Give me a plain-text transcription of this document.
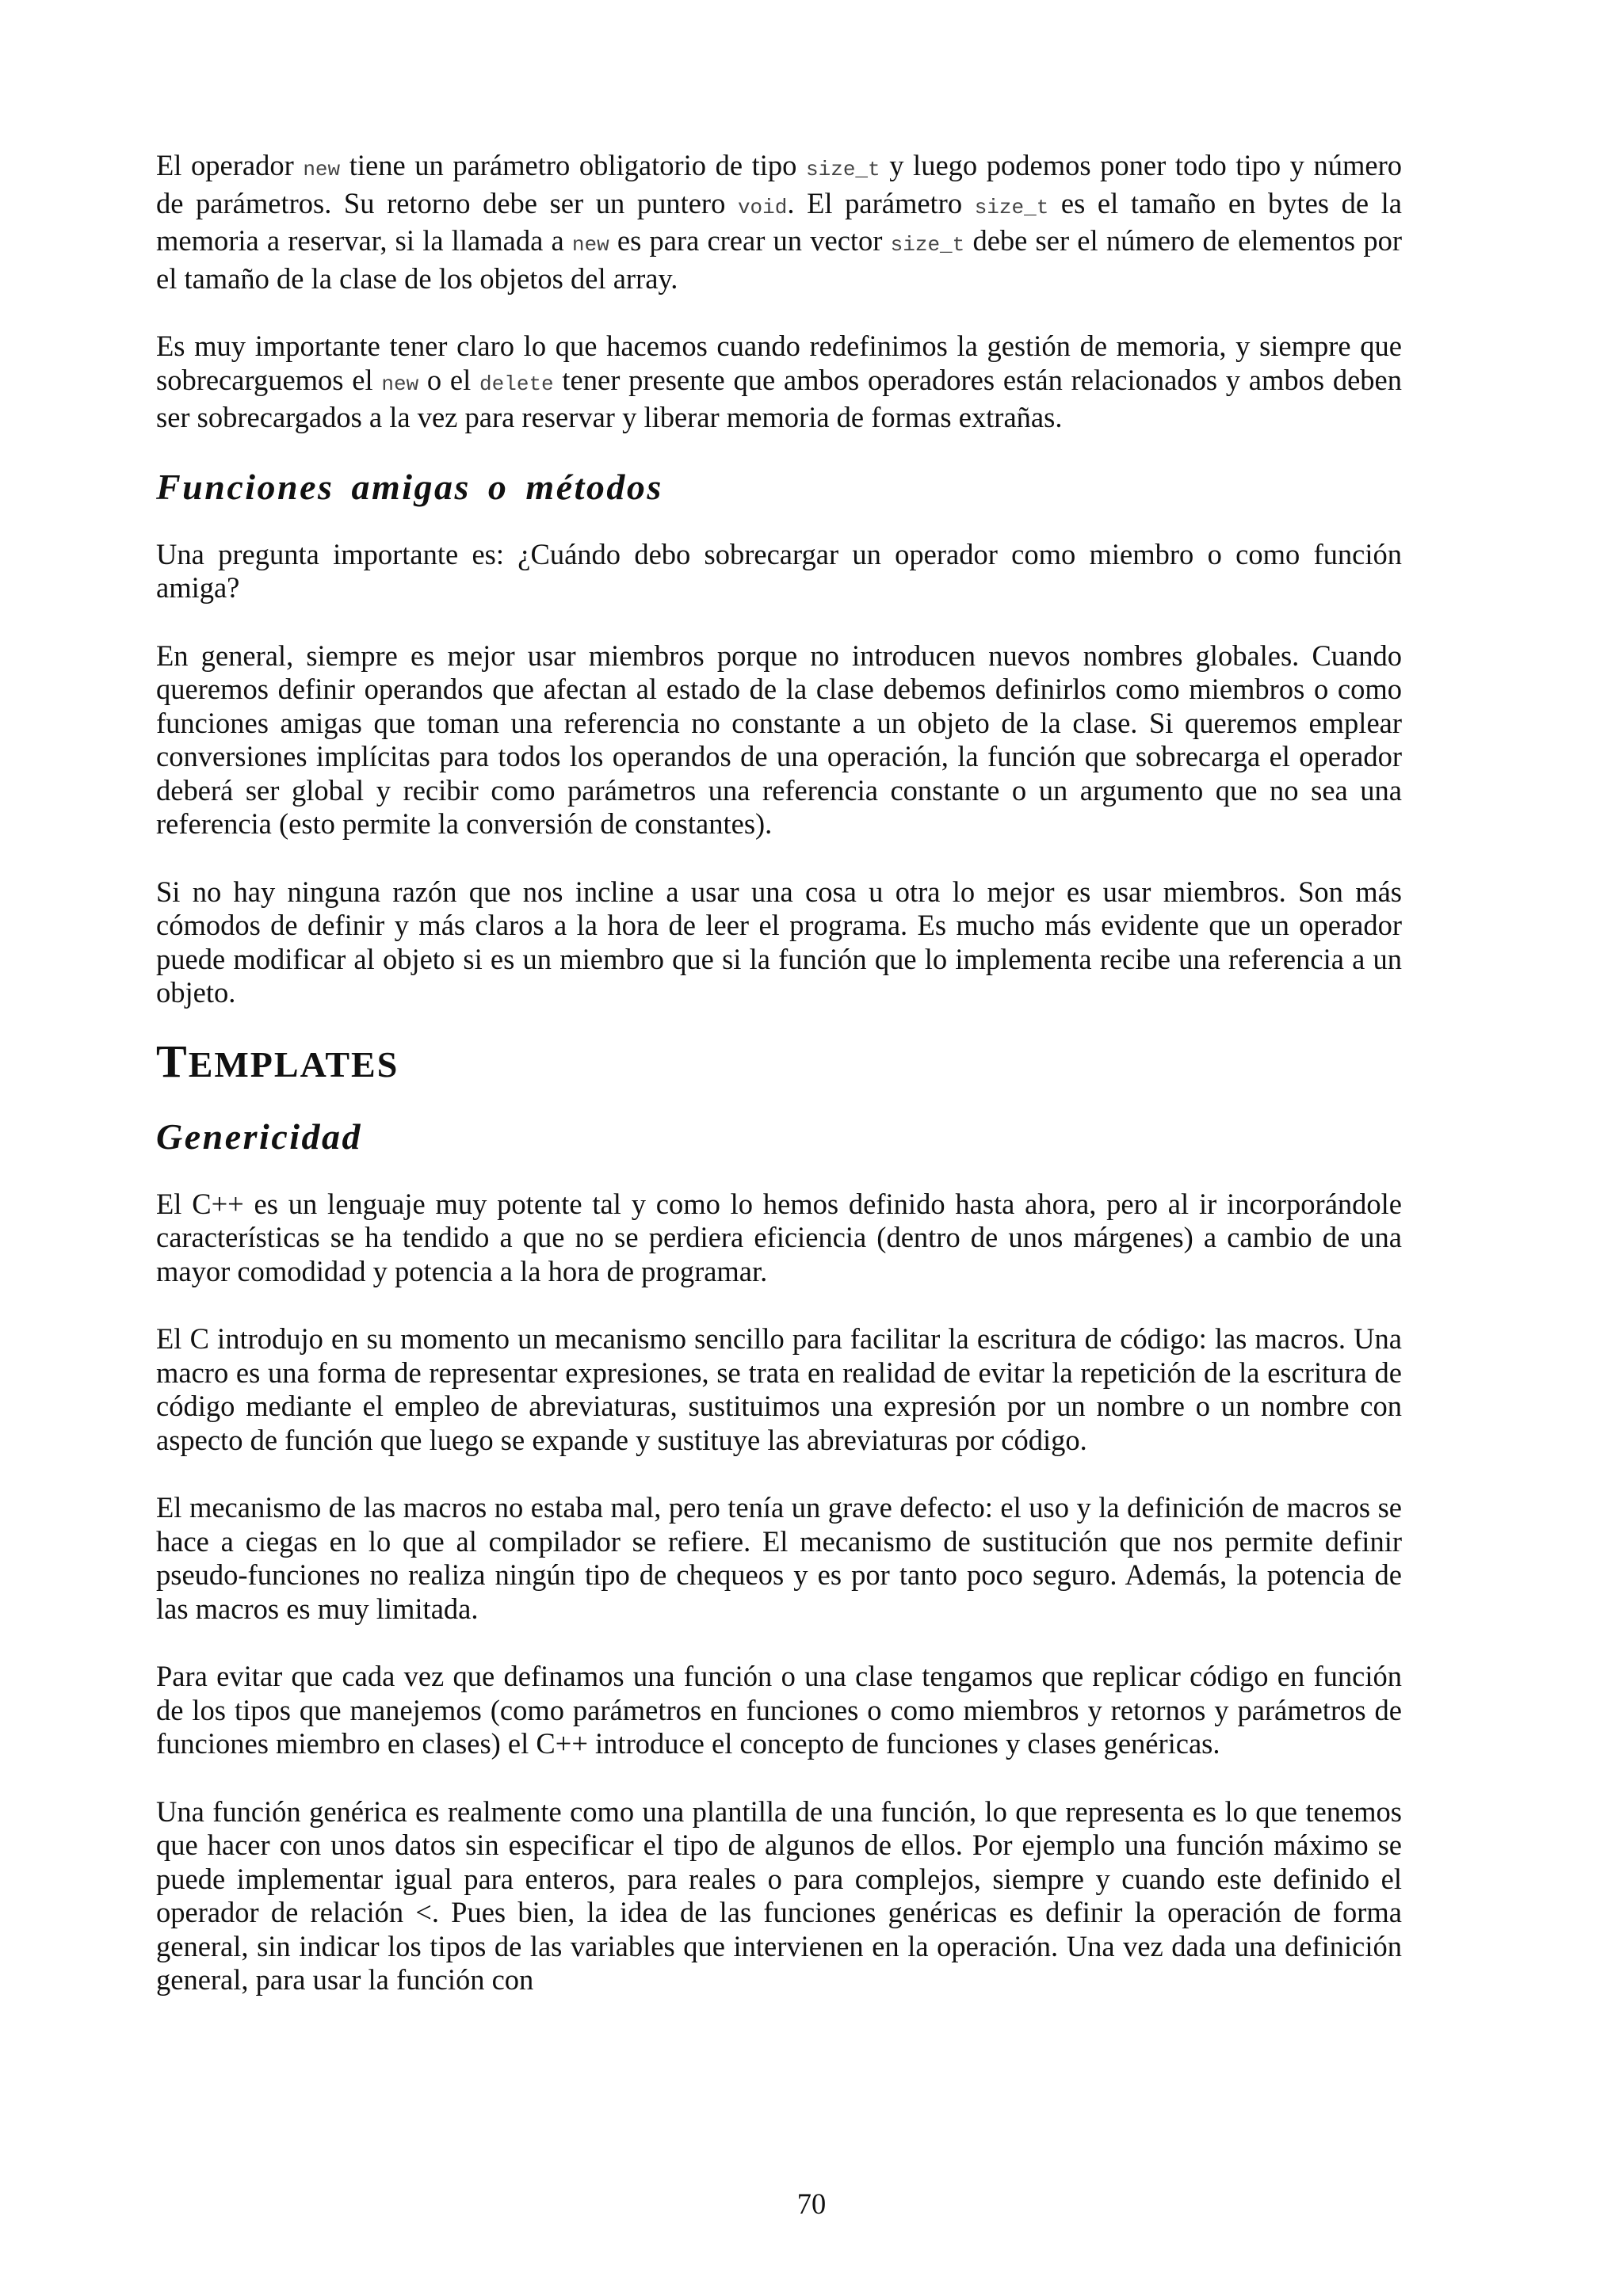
El operador new tiene un parámetro obligatorio de tipo size_t y luego podemos poner todo tipo y número de parámetros. Su retorno debe ser un puntero void. El parámetro size_t es el tamaño en bytes de la memoria a reservar, si la llamada a new es para crear un vector size_t debe ser el número de elementos por el tamaño de la clase de los objetos del array.

Es muy importante tener claro lo que hacemos cuando redefinimos la gestión de memoria, y siempre que sobrecarguemos el new o el delete tener presente que ambos operadores están relacionados y ambos deben ser sobrecargados a la vez para reservar y liberar memoria de formas extrañas.

Funciones amigas o métodos

Una pregunta importante es: ¿Cuándo debo sobrecargar un operador como miembro o como función amiga?

En general, siempre es mejor usar miembros porque no introducen nuevos nombres globales. Cuando queremos definir operandos que afectan al estado de la clase debemos definirlos como miembros o como funciones amigas que toman una referencia no constante a un objeto de la clase. Si queremos emplear conversiones implícitas para todos los operandos de una operación, la función que sobrecarga el operador deberá ser global y recibir como parámetros una referencia constante o un argumento que no sea una referencia (esto permite la conversión de constantes).

Si no hay ninguna razón que nos incline a usar una cosa u otra lo mejor es usar miembros. Son más cómodos de definir y más claros a la hora de leer el programa. Es mucho más evidente que un operador puede modificar al objeto si es un miembro que si la función que lo implementa recibe una referencia a un objeto.

TEMPLATES
Genericidad

El C++ es un lenguaje muy potente tal y como lo hemos definido hasta ahora, pero al ir incorporándole características se ha tendido a que no se perdiera eficiencia (dentro de unos márgenes) a cambio de una mayor comodidad y potencia a la hora de programar.

El C introdujo en su momento un mecanismo sencillo para facilitar la escritura de código: las macros. Una macro es una forma de representar expresiones, se trata en realidad de evitar la repetición de la escritura de código mediante el empleo de abreviaturas, sustituimos una expresión por un nombre o un nombre con aspecto de función que luego se expande y sustituye las abreviaturas por código.

El mecanismo de las macros no estaba mal, pero tenía un grave defecto: el uso y la definición de macros se hace a ciegas en lo que al compilador se refiere. El mecanismo de sustitución que nos permite definir pseudo-funciones no realiza ningún tipo de chequeos y es por tanto poco seguro. Además, la potencia de las macros es muy limitada.

Para evitar que cada vez que definamos una función o una clase tengamos que replicar código en función de los tipos que manejemos (como parámetros en funciones o como miembros y retornos y parámetros de funciones miembro en clases) el C++ introduce el concepto de funciones y clases genéricas.

Una función genérica es realmente como una plantilla de una función, lo que representa es lo que tenemos que hacer con unos datos sin especificar el tipo de algunos de ellos. Por ejemplo una función máximo se puede implementar igual para enteros, para reales o para complejos, siempre y cuando este definido el operador de relación <. Pues bien, la idea de las funciones genéricas es definir la operación de forma general, sin indicar los tipos de las variables que intervienen en la operación. Una vez dada una definición general, para usar la función con

70
